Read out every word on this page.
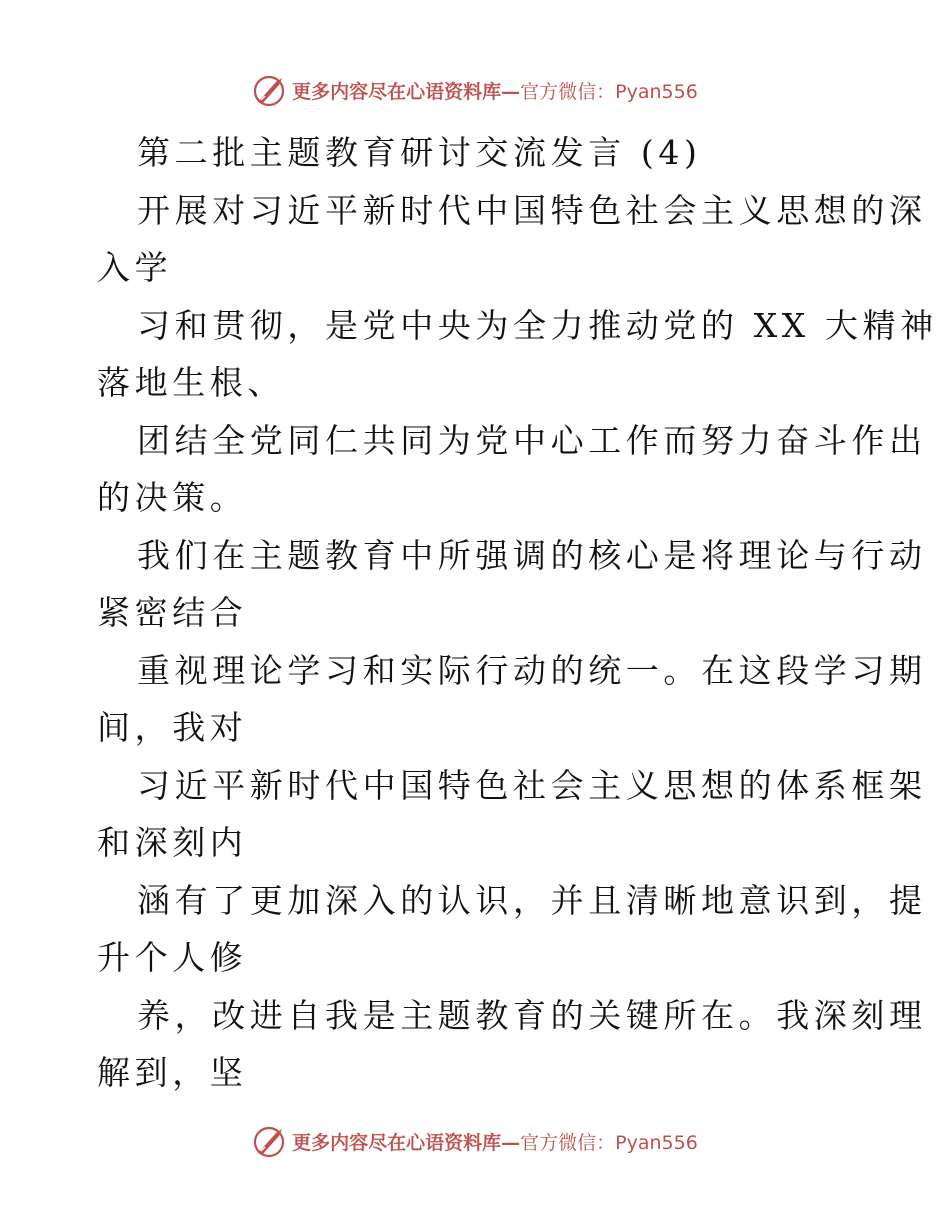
更多内容尽在心语资料库— 官方微信：Pyan556
第二批主题教育研讨交流发言 (4)
开展对习近平新时代中国特色社会主义思想的深
入学
习和贯彻，是党中央为全力推动党的 XX 大精神
落地生根、
团结全党同仁共同为党中心工作而努力奋斗作出
的决策。
我们在主题教育中所强调的核心是将理论与行动
紧密结合
重视理论学习和实际行动的统一。在这段学习期
间，我对
习近平新时代中国特色社会主义思想的体系框架
和深刻内
涵有了更加深入的认识，并且清晰地意识到，提
升个人修
养，改进自我是主题教育的关键所在。我深刻理
解到，坚
更多内容尽在心语资料库— 官方微信：Pyan556
